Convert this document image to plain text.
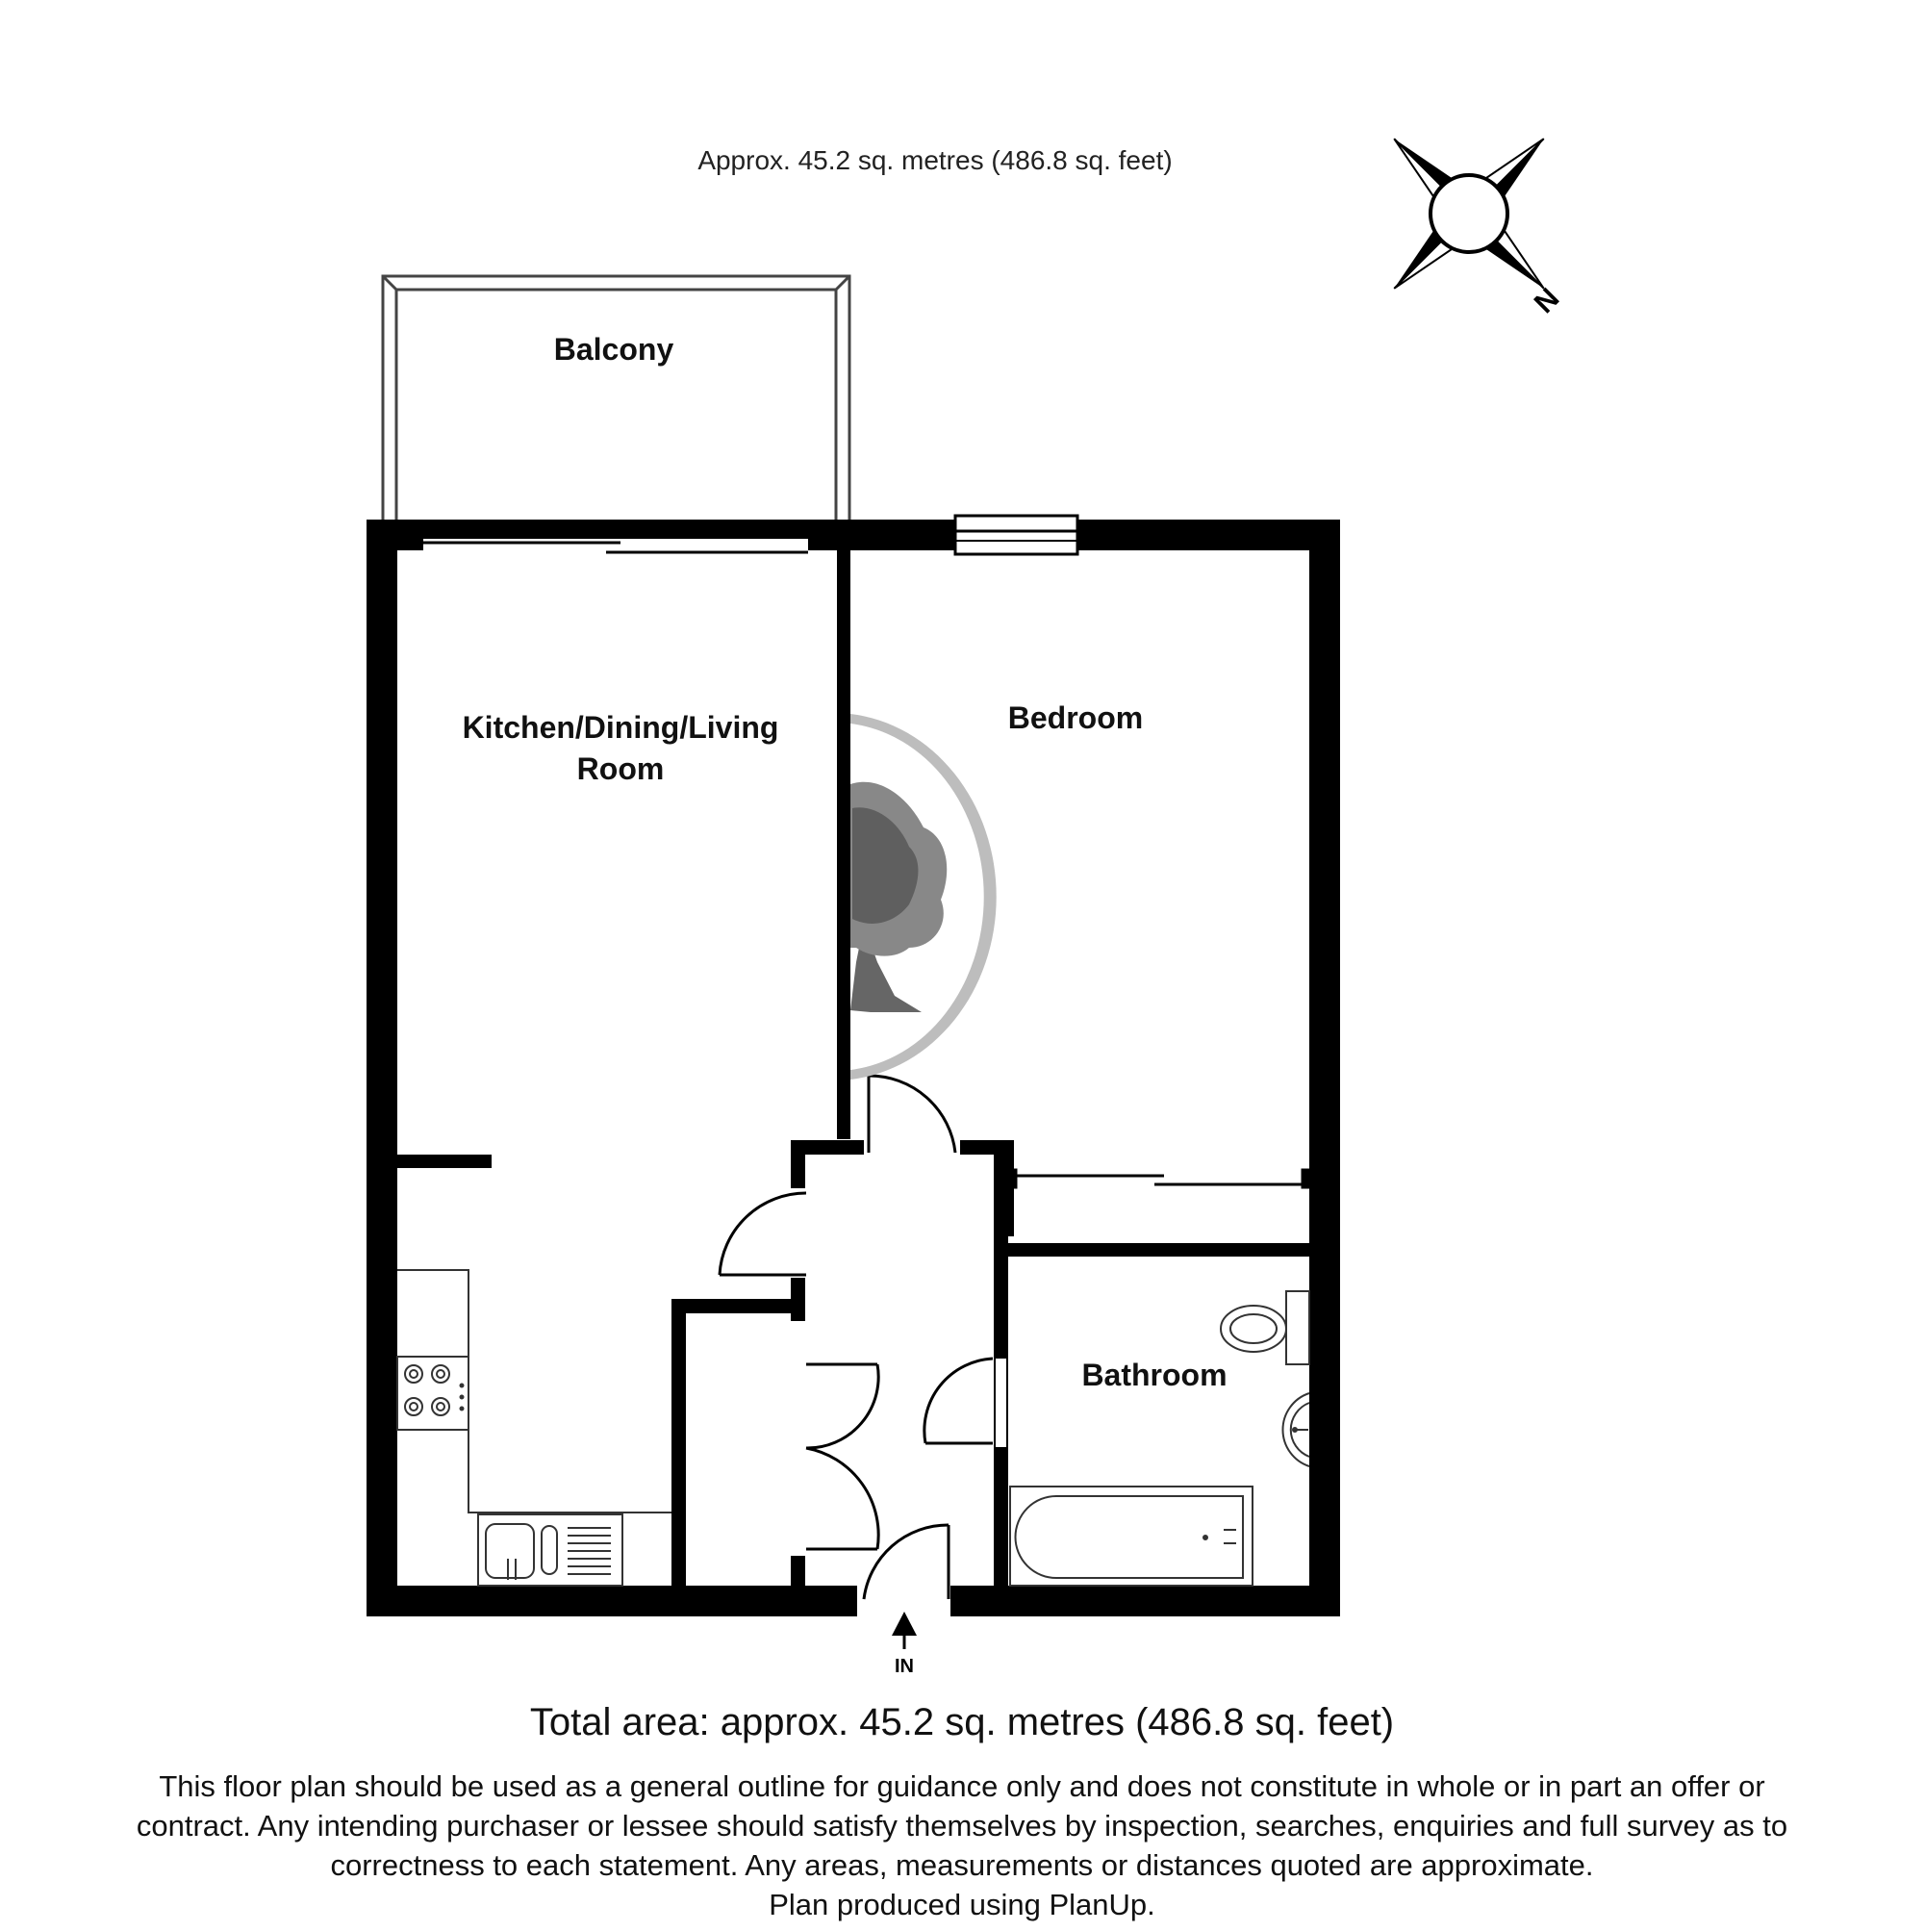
Approx. 45.2 sq. metres (486.8 sq. feet)
N
Balcony
Kitchen/Dining/Living
Room
Bedroom
Bathroom
IN
Total area: approx. 45.2 sq. metres (486.8 sq. feet)
This floor plan should be used as a general outline for guidance only and does not constitute in whole or in part an offer or
contract. Any intending purchaser or lessee should satisfy themselves by inspection, searches, enquiries and full survey as to
correctness to each statement. Any areas, measurements or distances quoted are approximate.
Plan produced using PlanUp.
